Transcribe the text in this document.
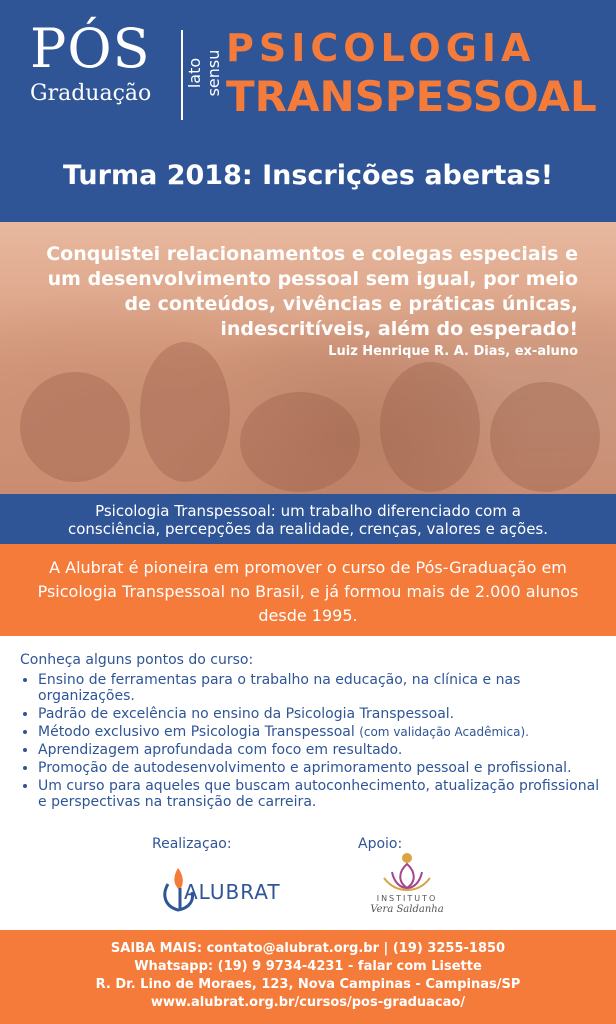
PÓS
Graduação
lato sensu
PSICOLOGIA
TRANSPESSOAL
Turma 2018: Inscrições abertas!
Conquistei relacionamentos e colegas especiais e
um desenvolvimento pessoal sem igual, por meio
de conteúdos, vivências e práticas únicas,
indescritíveis, além do esperado!
Luiz Henrique R. A. Dias, ex-aluno
Psicologia Transpessoal: um trabalho diferenciado com a
consciência, percepções da realidade, crenças, valores e ações.
A Alubrat é pioneira em promover o curso de Pós-Graduação em
Psicologia Transpessoal no Brasil, e já formou mais de 2.000 alunos
desde 1995.
Conheça alguns pontos do curso:
• Ensino de ferramentas para o trabalho na educação, na clínica e nas organizações.
• Padrão de excelência no ensino da Psicologia Transpessoal.
• Método exclusivo em Psicologia Transpessoal (com validação Acadêmica).
• Aprendizagem aprofundada com foco em resultado.
• Promoção de autodesenvolvimento e aprimoramento pessoal e profissional.
• Um curso para aqueles que buscam autoconhecimento, atualização profissional e perspectivas na transição de carreira.
Realizaçao:	Apoio:
ALUBRAT	INSTITUTO
Vera Saldanha
SAIBA MAIS: contato@alubrat.org.br | (19) 3255-1850
Whatsapp: (19) 9 9734-4231 - falar com Lisette
R. Dr. Lino de Moraes, 123, Nova Campinas - Campinas/SP
www.alubrat.org.br/cursos/pos-graduacao/
